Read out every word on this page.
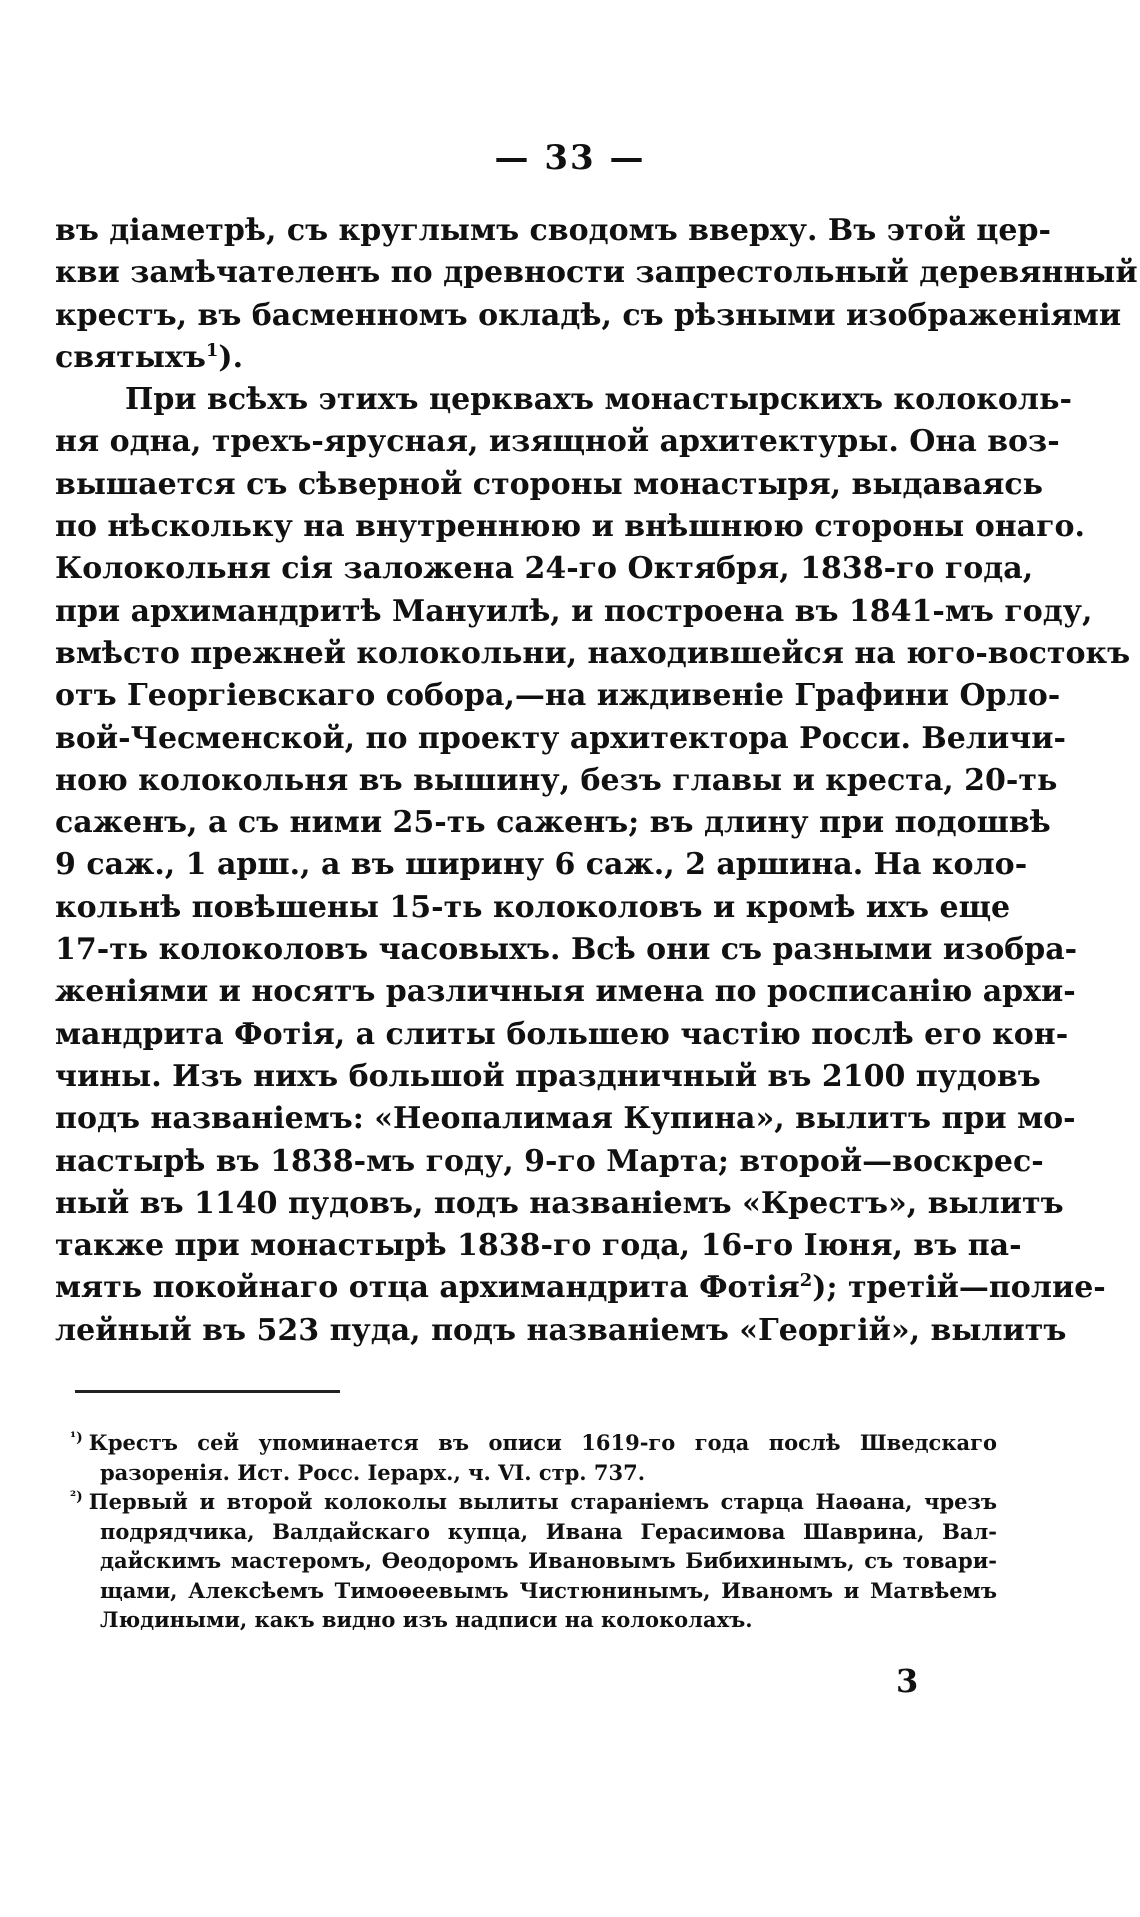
— 33 —
въ діаметрѣ, съ круглымъ сводомъ вверху. Въ этой цер-
кви замѣчателенъ по древности запрестольный деревянный
крестъ, въ басменномъ окладѣ, съ рѣзными изображеніями
святыхъ$^1$).
При всѣхъ этихъ церквахъ монастырскихъ колоколь-
ня одна, трехъ-ярусная, изящной архитектуры. Она воз-
вышается съ сѣверной стороны монастыря, выдаваясь
по нѣскольку на внутреннюю и внѣшнюю стороны онаго.
Колокольня сія заложена 24-го Октября, 1838-го года,
при архимандритѣ Мануилѣ, и построена въ 1841-мъ году,
вмѣсто прежней колокольни, находившейся на юго-востокъ
отъ Георгіевскаго собора,—на иждивеніе Графини Орло-
вой-Чесменской, по проекту архитектора Росси. Величи-
ною колокольня въ вышину, безъ главы и креста, 20-ть
саженъ, а съ ними 25-ть саженъ; въ длину при подошвѣ
9 саж., 1 арш., а въ ширину 6 саж., 2 аршина. На коло-
кольнѣ повѣшены 15-ть колоколовъ и кромѣ ихъ еще
17-ть колоколовъ часовыхъ. Всѣ они съ разными изобра-
женіями и носятъ различныя имена по росписанію архи-
мандрита Фотія, а слиты большею частію послѣ его кон-
чины. Изъ нихъ большой праздничный въ 2100 пудовъ
подъ названіемъ: «Неопалимая Купина», вылитъ при мо-
настырѣ въ 1838-мъ году, 9-го Марта; второй—воскрес-
ный въ 1140 пудовъ, подъ названіемъ «Крестъ», вылитъ
также при монастырѣ 1838-го года, 16-го Іюня, въ па-
мять покойнаго отца архимандрита Фотія$^2$); третій—полие-
лейный въ 523 пуда, подъ названіемъ «Георгій», вылитъ
$^{^1)}$ Крестъ сей упоминается въ описи 1619-го года послѣ Шведскаго
разоренія. Ист. Росс. Іерарх., ч. VI. стр. 737.
$^{^2)}$ Первый и второй колоколы вылиты стараніемъ старца Наѳана, чрезъ
подрядчика, Валдайскаго купца, Ивана Герасимова Шаврина, Вал-
дайскимъ мастеромъ, Ѳеодоромъ Ивановымъ Бибихинымъ, съ товари-
щами, Алексѣемъ Тимоѳеевымъ Чистюнинымъ, Иваномъ и Матвѣемъ
Людиными, какъ видно изъ надписи на колоколахъ.
3
